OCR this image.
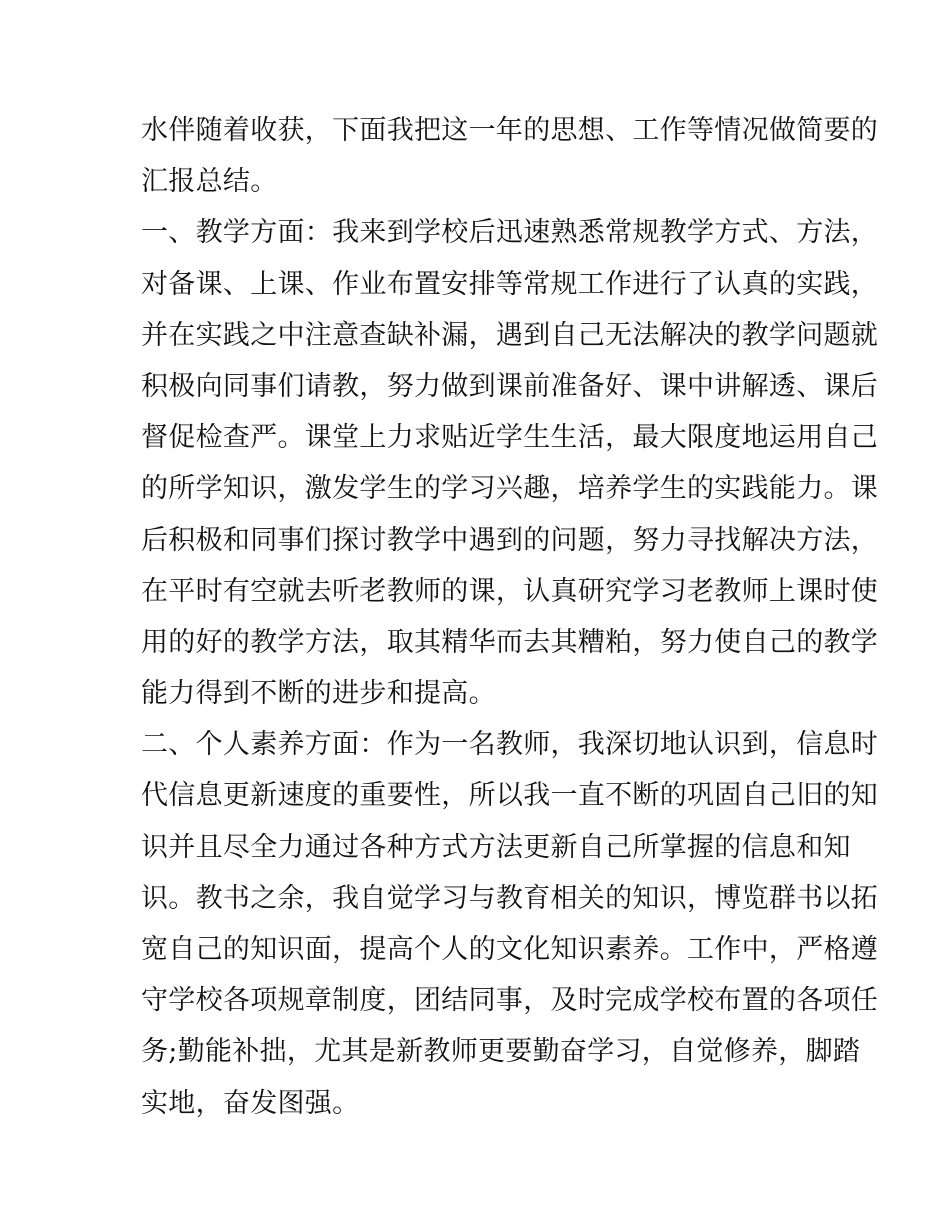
水伴随着收获，下面我把这一年的思想、工作等情况做简要的
汇报总结。
一、教学方面：我来到学校后迅速熟悉常规教学方式、方法，
对备课、上课、作业布置安排等常规工作进行了认真的实践，
并在实践之中注意查缺补漏，遇到自己无法解决的教学问题就
积极向同事们请教，努力做到课前准备好、课中讲解透、课后
督促检查严。课堂上力求贴近学生生活，最大限度地运用自己
的所学知识，激发学生的学习兴趣，培养学生的实践能力。课
后积极和同事们探讨教学中遇到的问题，努力寻找解决方法，
在平时有空就去听老教师的课，认真研究学习老教师上课时使
用的好的教学方法，取其精华而去其糟粕，努力使自己的教学
能力得到不断的进步和提高。
二、个人素养方面：作为一名教师，我深切地认识到，信息时
代信息更新速度的重要性，所以我一直不断的巩固自己旧的知
识并且尽全力通过各种方式方法更新自己所掌握的信息和知
识。教书之余，我自觉学习与教育相关的知识，博览群书以拓
宽自己的知识面，提高个人的文化知识素养。工作中，严格遵
守学校各项规章制度，团结同事，及时完成学校布置的各项任
务;勤能补拙，尤其是新教师更要勤奋学习，自觉修养，脚踏
实地，奋发图强。
